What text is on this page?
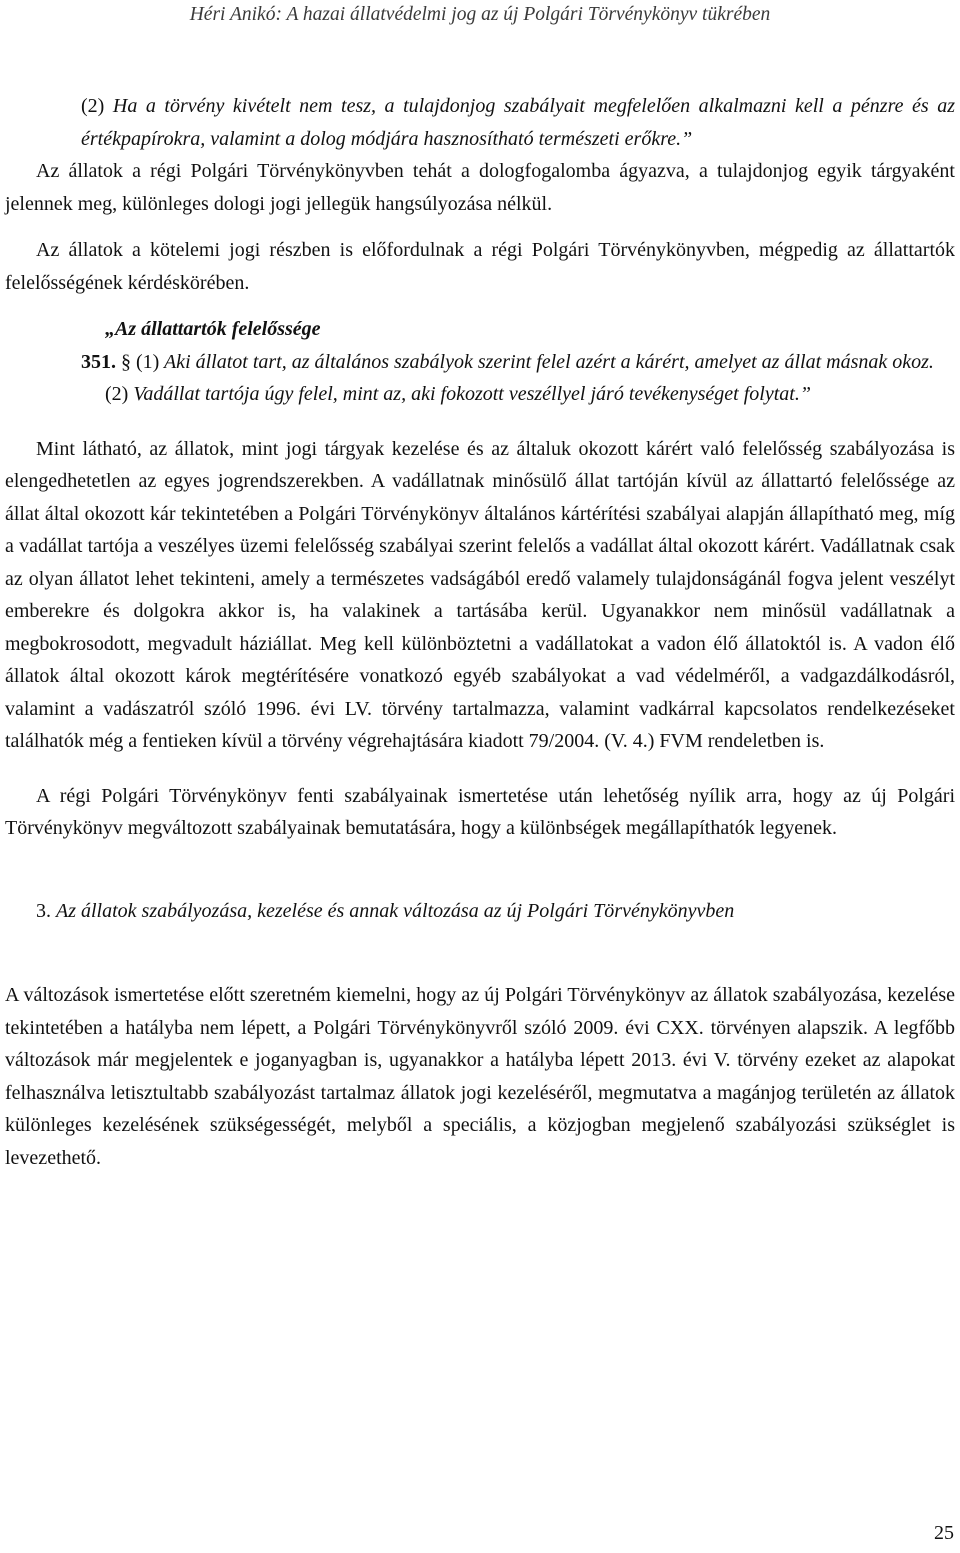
Héri Anikó: A hazai állatvédelmi jog az új Polgári Törvénykönyv tükrében
(2) Ha a törvény kivételt nem tesz, a tulajdonjog szabályait megfelelően alkalmazni kell a pénzre és az értékpapírokra, valamint a dolog módjára hasznosítható természeti erőkre.”

Az állatok a régi Polgári Törvénykönyvben tehát a dologfogalomba ágyazva, a tulajdonjog egyik tárgyaként jelennek meg, különleges dologi jogi jellegük hangsúlyozása nélkül.

Az állatok a kötelemi jogi részben is előfordulnak a régi Polgári Törvénykönyvben, mégpedig az állattartók felelősségének kérdéskörében.

„Az állattartók felelőssége
351. § (1) Aki állatot tart, az általános szabályok szerint felel azért a kárért, amelyet az állat másnak okoz.
(2) Vadállat tartója úgy felel, mint az, aki fokozott veszéllyel járó tevékenységet folytat.”

Mint látható, az állatok, mint jogi tárgyak kezelése és az általuk okozott kárért való felelősség szabályozása is elengedhetetlen az egyes jogrendszerekben. A vadállatnak minősülő állat tartóján kívül az állattartó felelőssége az állat által okozott kár tekintetében a Polgári Törvénykönyv általános kártérítési szabályai alapján állapítható meg, míg a vadállat tartója a veszélyes üzemi felelősség szabályai szerint felelős a vadállat által okozott kárért. Vadállatnak csak az olyan állatot lehet tekinteni, amely a természetes vadságából eredő valamely tulajdonságánál fogva jelent veszélyt emberekre és dolgokra akkor is, ha valakinek a tartásába kerül. Ugyanakkor nem minősül vadállatnak a megbokrosodott, megvadult háziállat. Meg kell különböztetni a vadállatokat a vadon élő állatoktól is. A vadon élő állatok által okozott károk megtérítésére vonatkozó egyéb szabályokat a vad védelméről, a vadgazdálkodásról, valamint a vadászatról szóló 1996. évi LV. törvény tartalmazza, valamint vadkárral kapcsolatos rendelkezéseket találhatók még a fentieken kívül a törvény végrehajtására kiadott 79/2004. (V. 4.) FVM rendeletben is.

A régi Polgári Törvénykönyv fenti szabályainak ismertetése után lehetőség nyílik arra, hogy az új Polgári Törvénykönyv megváltozott szabályainak bemutatására, hogy a különbségek megállapíthatók legyenek.

3. Az állatok szabályozása, kezelése és annak változása az új Polgári Törvénykönyvben

A változások ismertetése előtt szeretném kiemelni, hogy az új Polgári Törvénykönyv az állatok szabályozása, kezelése tekintetében a hatályba nem lépett, a Polgári Törvénykönyvről szóló 2009. évi CXX. törvényen alapszik. A legfőbb változások már megjelentek e joganyagban is, ugyanakkor a hatályba lépett 2013. évi V. törvény ezeket az alapokat felhasználva letisztultabb szabályozást tartalmaz állatok jogi kezeléséről, megmutatva a magánjog területén az állatok különleges kezelésének szükségességét, melyből a speciális, a közjogban megjelenő szabályozási szükséglet is levezethető.

25
